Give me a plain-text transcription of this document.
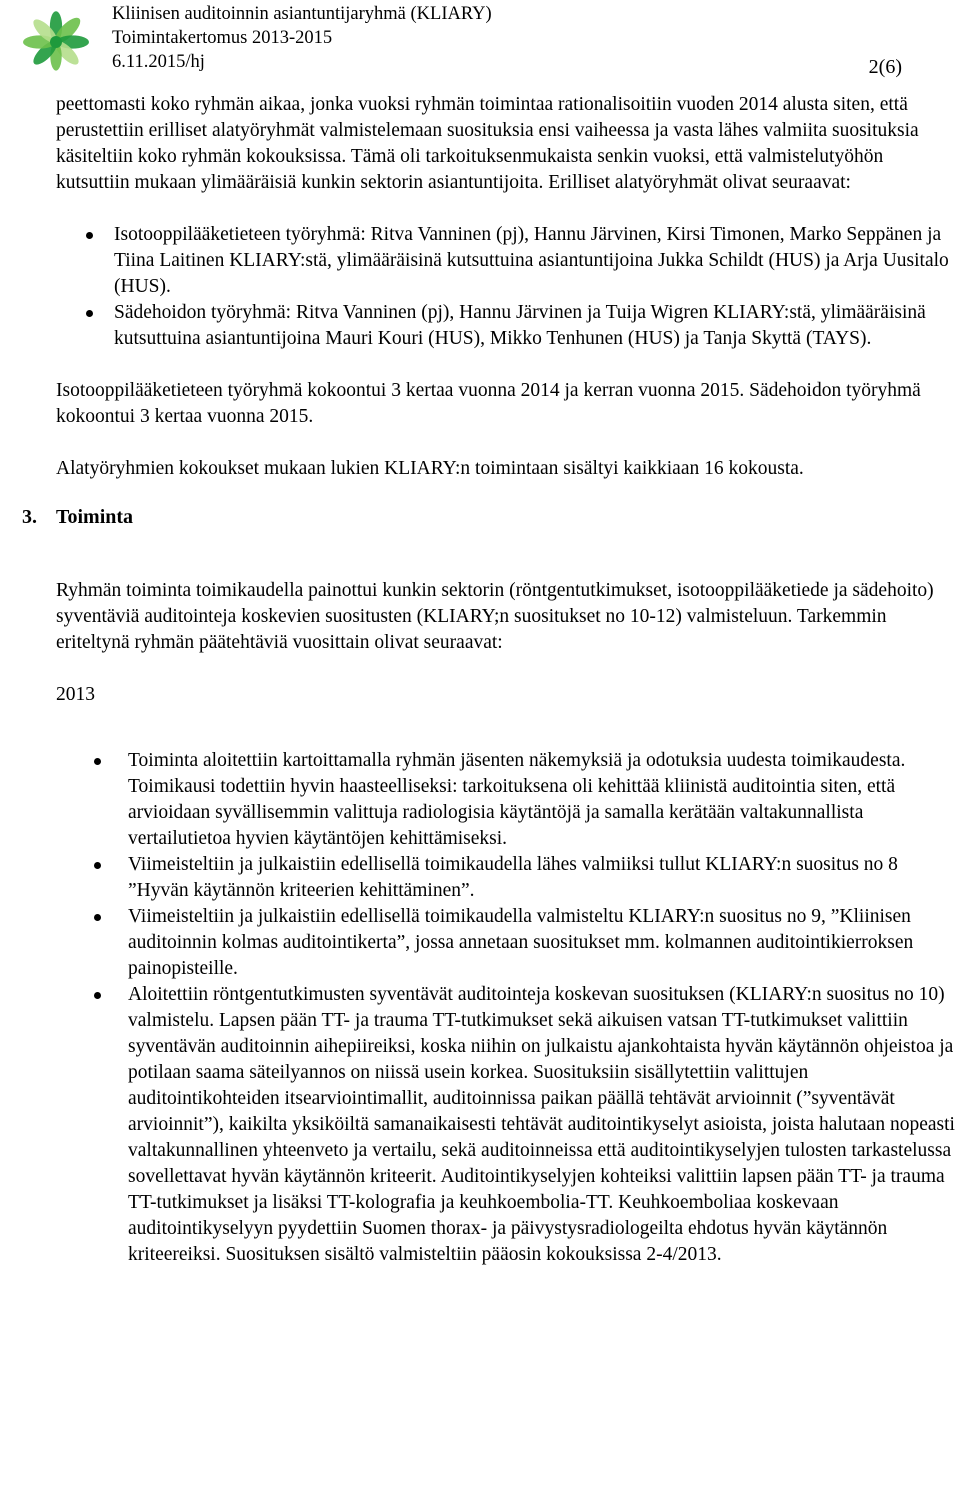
Kliinisen auditoinnin asiantuntijaryhmä (KLIARY)
Toimintakertomus 2013-2015
6.11.2015/hj	2(6)

peettomasti koko ryhmän aikaa, jonka vuoksi ryhmän toimintaa rationalisoitiin vuoden 2014 alusta siten, että perustettiin erilliset alatyöryhmät valmistelemaan suosituksia ensi vaiheessa ja vasta lähes valmiita suosituksia käsiteltiin koko ryhmän kokouksissa. Tämä oli tarkoituksenmukaista senkin vuoksi, että valmistelutyöhön kutsuttiin mukaan ylimääräisiä kunkin sektorin asiantuntijoita. Erilliset alatyöryhmät olivat seuraavat:

Isotooppilääketieteen työryhmä: Ritva Vanninen (pj), Hannu Järvinen, Kirsi Timonen, Marko Seppänen ja Tiina Laitinen KLIARY:stä, ylimääräisinä kutsuttuina asiantuntijoina Jukka Schildt (HUS) ja Arja Uusitalo (HUS).
Sädehoidon työryhmä: Ritva Vanninen (pj), Hannu Järvinen ja Tuija Wigren KLIARY:stä, ylimääräisinä kutsuttuina asiantuntijoina Mauri Kouri (HUS), Mikko Tenhunen (HUS) ja Tanja Skyttä (TAYS).

Isotooppilääketieteen työryhmä kokoontui 3 kertaa vuonna 2014 ja kerran vuonna 2015. Sädehoidon työryhmä kokoontui 3 kertaa vuonna 2015.

Alatyöryhmien kokoukset mukaan lukien KLIARY:n toimintaan sisältyi kaikkiaan 16 kokousta.

3. Toiminta

Ryhmän toiminta toimikaudella painottui kunkin sektorin (röntgentutkimukset, isotooppilääketiede ja sädehoito) syventäviä auditointeja koskevien suositusten (KLIARY;n suositukset no 10-12) valmisteluun. Tarkemmin eriteltynä ryhmän päätehtäviä vuosittain olivat seuraavat:

2013

Toiminta aloitettiin kartoittamalla ryhmän jäsenten näkemyksiä ja odotuksia uudesta toimikaudesta. Toimikausi todettiin hyvin haasteelliseksi: tarkoituksena oli kehittää kliinistä auditointia siten, että arvioidaan syvällisemmin valittuja radiologisia käytäntöjä ja samalla kerätään valtakunnallista vertailutietoa hyvien käytäntöjen kehittämiseksi.
Viimeisteltiin ja julkaistiin edellisellä toimikaudella lähes valmiiksi tullut KLIARY:n suositus no 8 ”Hyvän käytännön kriteerien kehittäminen”.
Viimeisteltiin ja julkaistiin edellisellä toimikaudella valmisteltu KLIARY:n suositus no 9, ”Kliinisen auditoinnin kolmas auditointikerta”, jossa annetaan suositukset mm. kolmannen auditointikierroksen painopisteille.
Aloitettiin röntgentutkimusten syventävät auditointeja koskevan suosituksen (KLIARY:n suositus no 10) valmistelu. Lapsen pään TT- ja trauma TT-tutkimukset sekä aikuisen vatsan TT-tutkimukset valittiin syventävän auditoinnin aihepiireiksi, koska niihin on julkaistu ajankohtaista hyvän käytännön ohjeistoa ja potilaan saama säteilyannos on niissä usein korkea. Suosituksiin sisällytettiin valittujen auditointikohteiden itsearviointimallit, auditoinnissa paikan päällä tehtävät arvioinnit (”syventävät arvioinnit”), kaikilta yksiköiltä samanaikaisesti tehtävät auditointikyselyt asioista, joista halutaan nopeasti valtakunnallinen yhteenveto ja vertailu, sekä auditoinneissa että auditointikyselyjen tulosten tarkastelussa sovellettavat hyvän käytännön kriteerit. Auditointikyselyjen kohteiksi valittiin lapsen pään TT- ja trauma TT-tutkimukset ja lisäksi TT-kolografia ja keuhkoembolia-TT. Keuhkoemboliaa koskevaan auditointikyselyyn pyydettiin Suomen thorax- ja päivystysradiologeilta ehdotus hyvän käytännön kriteereiksi. Suosituksen sisältö valmisteltiin pääosin kokouksissa 2-4/2013.
